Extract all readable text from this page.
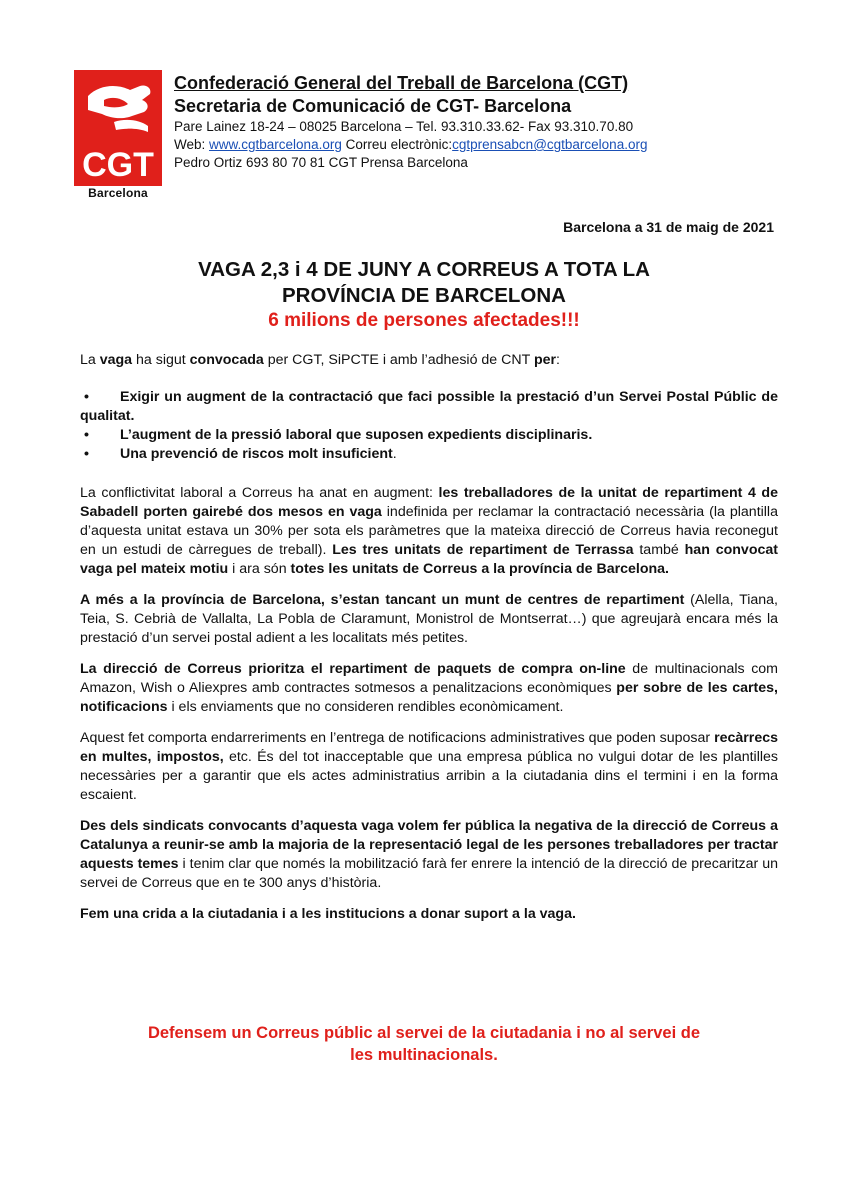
CGT
Barcelona
Confederació General del Treball de Barcelona (CGT)
Secretaria de Comunicació de CGT- Barcelona
Pare Lainez 18-24 – 08025 Barcelona – Tel. 93.310.33.62- Fax 93.310.70.80
Web: www.cgtbarcelona.org Correu electrònic:cgtprensabcn@cgtbarcelona.org
Pedro Ortiz 693 80 70 81 CGT Prensa Barcelona
Barcelona a 31 de maig de 2021
VAGA 2,3 i 4 DE JUNY A CORREUS A TOTA LA
PROVÍNCIA DE BARCELONA
6 milions de persones afectades!!!

La vaga ha sigut convocada per CGT, SiPCTE i amb l’adhesió de CNT per:

• Exigir un augment de la contractació que faci possible la prestació d’un Servei Postal Públic de qualitat.
• L’augment de la pressió laboral que suposen expedients disciplinaris.
• Una prevenció de riscos molt insuficient.

La conflictivitat laboral a Correus ha anat en augment: les treballadores de la unitat de repartiment 4 de Sabadell porten gairebé dos mesos en vaga indefinida per reclamar la contractació necessària (la plantilla d’aquesta unitat estava un 30% per sota els paràmetres que la mateixa direcció de Correus havia reconegut en un estudi de càrregues de treball). Les tres unitats de repartiment de Terrassa també han convocat vaga pel mateix motiu i ara són totes les unitats de Correus a la província de Barcelona.

A més a la província de Barcelona, s’estan tancant un munt de centres de repartiment (Alella, Tiana, Teia, S. Cebrià de Vallalta, La Pobla de Claramunt, Monistrol de Montserrat…) que agreujarà encara més la prestació d’un servei postal adient a les localitats més petites.

La direcció de Correus prioritza el repartiment de paquets de compra on-line de multinacionals com Amazon, Wish o Aliexpres amb contractes sotmesos a penalitzacions econòmiques per sobre de les cartes, notificacions i els enviaments que no consideren rendibles econòmicament.

Aquest fet comporta endarreriments en l’entrega de notificacions administratives que poden suposar recàrrecs en multes, impostos, etc. És del tot inacceptable que una empresa pública no vulgui dotar de les plantilles necessàries per a garantir que els actes administratius arribin a la ciutadania dins el termini i en la forma escaient.

Des dels sindicats convocants d’aquesta vaga volem fer pública la negativa de la direcció de Correus a Catalunya a reunir-se amb la majoria de la representació legal de les persones treballadores per tractar aquests temes i tenim clar que només la mobilització farà fer enrere la intenció de la direcció de precaritzar un servei de Correus que en te 300 anys d’història.

Fem una crida a la ciutadania i a les institucions a donar suport a la vaga.

Defensem un Correus públic al servei de la ciutadania i no al servei de
les multinacionals.
